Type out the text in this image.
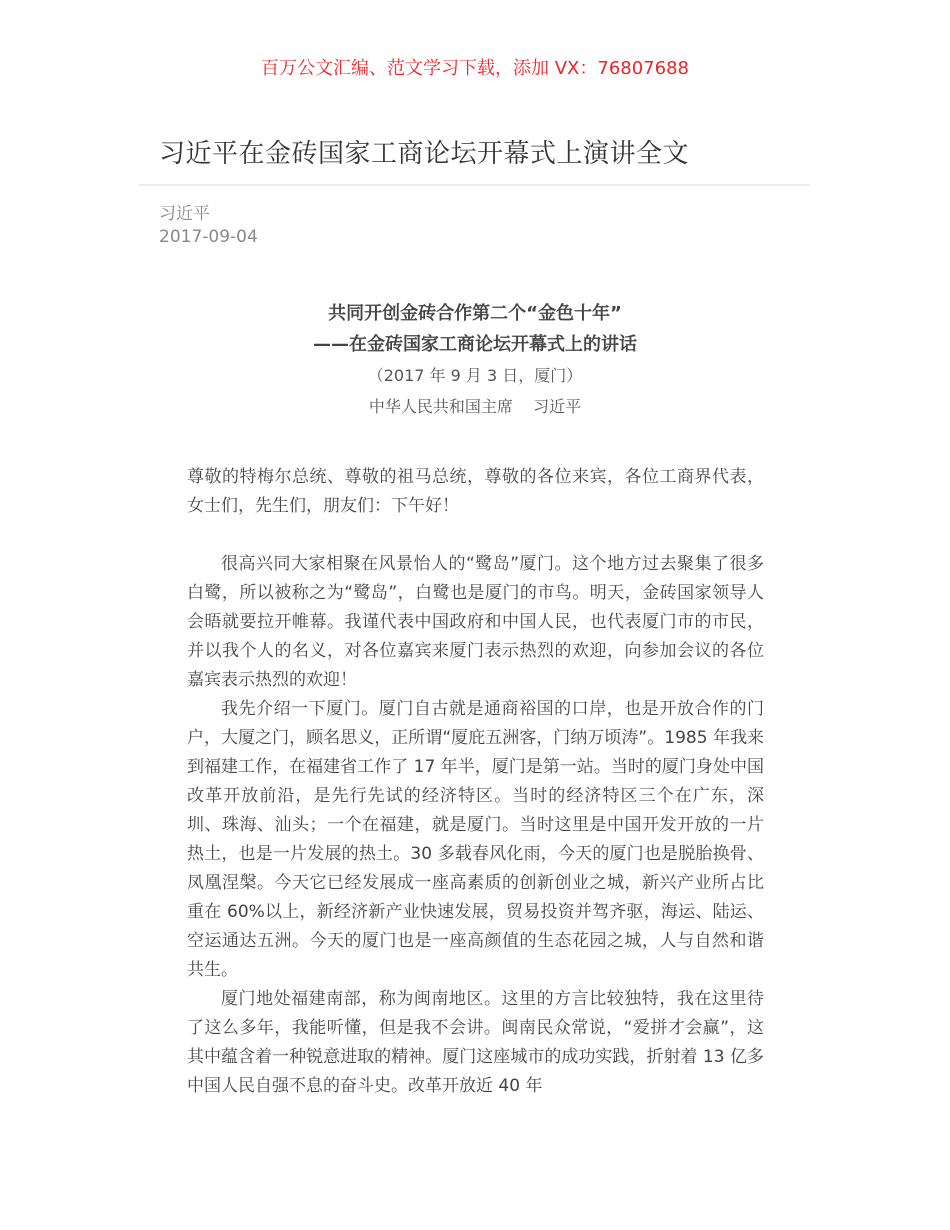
百万公文汇编、范文学习下载，添加 VX：76807688
习近平在金砖国家工商论坛开幕式上演讲全文
习近平
2017-09-04
共同开创金砖合作第二个“金色十年”
——在金砖国家工商论坛开幕式上的讲话
（2017 年 9 月 3 日，厦门）
中华人民共和国主席    习近平

尊敬的特梅尔总统、尊敬的祖马总统，尊敬的各位来宾，各位工商界代表，女士们，先生们，朋友们：下午好！

很高兴同大家相聚在风景怡人的“鹭岛”厦门。这个地方过去聚集了很多白鹭，所以被称之为“鹭岛”，白鹭也是厦门的市鸟。明天，金砖国家领导人会晤就要拉开帷幕。我谨代表中国政府和中国人民，也代表厦门市的市民，并以我个人的名义，对各位嘉宾来厦门表示热烈的欢迎，向参加会议的各位嘉宾表示热烈的欢迎！

我先介绍一下厦门。厦门自古就是通商裕国的口岸，也是开放合作的门户，大厦之门，顾名思义，正所谓“厦庇五洲客，门纳万顷涛”。1985 年我来到福建工作，在福建省工作了 17 年半，厦门是第一站。当时的厦门身处中国改革开放前沿，是先行先试的经济特区。当时的经济特区三个在广东，深圳、珠海、汕头；一个在福建，就是厦门。当时这里是中国开发开放的一片热土，也是一片发展的热土。30 多载春风化雨，今天的厦门也是脱胎换骨、凤凰涅槃。今天它已经发展成一座高素质的创新创业之城，新兴产业所占比重在 60%以上，新经济新产业快速发展，贸易投资并驾齐驱，海运、陆运、空运通达五洲。今天的厦门也是一座高颜值的生态花园之城，人与自然和谐共生。

厦门地处福建南部，称为闽南地区。这里的方言比较独特，我在这里待了这么多年，我能听懂，但是我不会讲。闽南民众常说，“爱拼才会赢”，这其中蕴含着一种锐意进取的精神。厦门这座城市的成功实践，折射着 13 亿多中国人民自强不息的奋斗史。改革开放近 40 年
